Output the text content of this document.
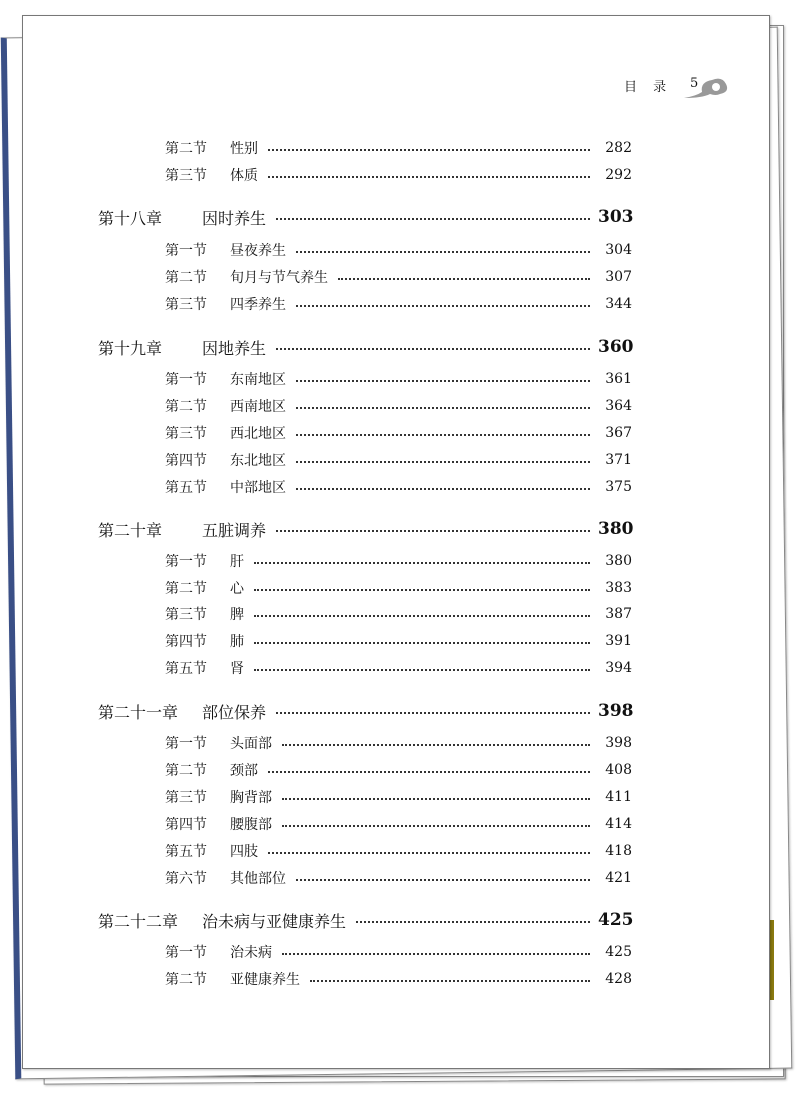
目 录 5
第二节	性别	282
第三节	体质	292
第十八章	因时养生	303
第一节	昼夜养生	304
第二节	旬月与节气养生	307
第三节	四季养生	344
第十九章	因地养生	360
第一节	东南地区	361
第二节	西南地区	364
第三节	西北地区	367
第四节	东北地区	371
第五节	中部地区	375
第二十章	五脏调养	380
第一节	肝	380
第二节	心	383
第三节	脾	387
第四节	肺	391
第五节	肾	394
第二十一章	部位保养	398
第一节	头面部	398
第二节	颈部	408
第三节	胸背部	411
第四节	腰腹部	414
第五节	四肢	418
第六节	其他部位	421
第二十二章	治未病与亚健康养生	425
第一节	治未病	425
第二节	亚健康养生	428
